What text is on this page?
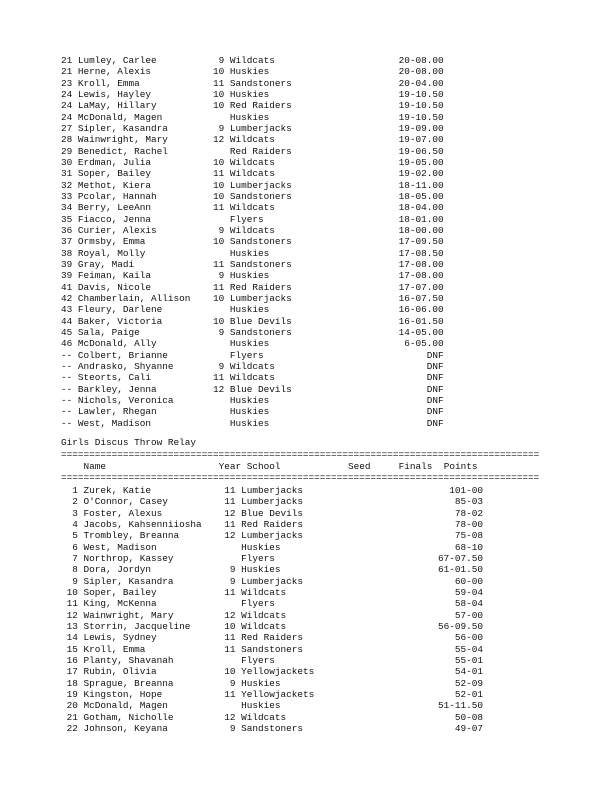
21 Lumley, Carlee           9 Wildcats                      20-08.00
21 Herne, Alexis           10 Huskies                       20-08.00
23 Kroll, Emma             11 Sandstoners                   20-04.00
24 Lewis, Hayley           10 Huskies                       19-10.50
24 LaMay, Hillary          10 Red Raiders                   19-10.50
24 McDonald, Magen	Huskies                       19-10.50
27 Sipler, Kasandra         9 Lumberjacks                   19-09.00
28 Wainwright, Mary        12 Wildcats                      19-07.00
29 Benedict, Rachel	Red Raiders                   19-06.50
30 Erdman, Julia           10 Wildcats                      19-05.00
31 Soper, Bailey           11 Wildcats                      19-02.00
32 Methot, Kiera           10 Lumberjacks                   18-11.00
33 Pcolar, Hannah          10 Sandstoners                   18-05.00
34 Berry, LeeAnn           11 Wildcats                      18-04.00
35 Fiacco, Jenna	Flyers                        18-01.00
36 Curier, Alexis           9 Wildcats                      18-00.00
37 Ormsby, Emma            10 Sandstoners                   17-09.50
38 Royal, Molly	Huskies                       17-08.50
39 Gray, Madi              11 Sandstoners                   17-08.00
39 Feiman, Kaila            9 Huskies                       17-08.00
41 Davis, Nicole           11 Red Raiders                   17-07.00
42 Chamberlain, Allison    10 Lumberjacks                   16-07.50
43 Fleury, Darlene	Huskies                       16-06.00
44 Baker, Victoria         10 Blue Devils                   16-01.50
45 Sala, Paige              9 Sandstoners                   14-05.00
46 McDonald, Ally	Huskies                        6-05.00
-- Colbert, Brianne	Flyers                             DNF
-- Andrasko, Shyanne        9 Wildcats                           DNF
-- Steorts, Cali           11 Wildcats                           DNF
-- Barkley, Jenna          12 Blue Devils                        DNF
-- Nichols, Veronica	Huskies                            DNF
-- Lawler, Rhegan	Huskies                            DNF
-- West, Madison	Huskies                            DNF
Girls Discus Throw Relay
=====================================================================================
Name	Year School	Seed	Finals Points
=====================================================================================
1 Zurek, Katie             11 Lumberjacks                          101-00
2 O'Connor, Casey          11 Lumberjacks                           85-03
3 Foster, Alexus           12 Blue Devils                           78-02
4 Jacobs, Kahsenniiosha    11 Red Raiders                           78-00
5 Trombley, Breanna        12 Lumberjacks                           75-08
6 West, Madison	Huskies                               68-10
7 Northrop, Kassey	Flyers                             67-07.50
8 Dora, Jordyn              9 Huskies                            61-01.50
9 Sipler, Kasandra          9 Lumberjacks                           60-00
10 Soper, Bailey            11 Wildcats                              59-04
11 King, McKenna	Flyers                                58-04
12 Wainwright, Mary         12 Wildcats                              57-00
13 Storrin, Jacqueline      10 Wildcats                           56-09.50
14 Lewis, Sydney            11 Red Raiders                           56-00
15 Kroll, Emma              11 Sandstoners                           55-04
16 Planty, Shavanah	Flyers                                55-01
17 Rubin, Olivia            10 Yellowjackets                         54-01
18 Sprague, Breanna          9 Huskies                               52-09
19 Kingston, Hope           11 Yellowjackets                         52-01
20 McDonald, Magen	Huskies                            51-11.50
21 Gotham, Nicholle         12 Wildcats                              50-08
22 Johnson, Keyana           9 Sandstoners                           49-07
